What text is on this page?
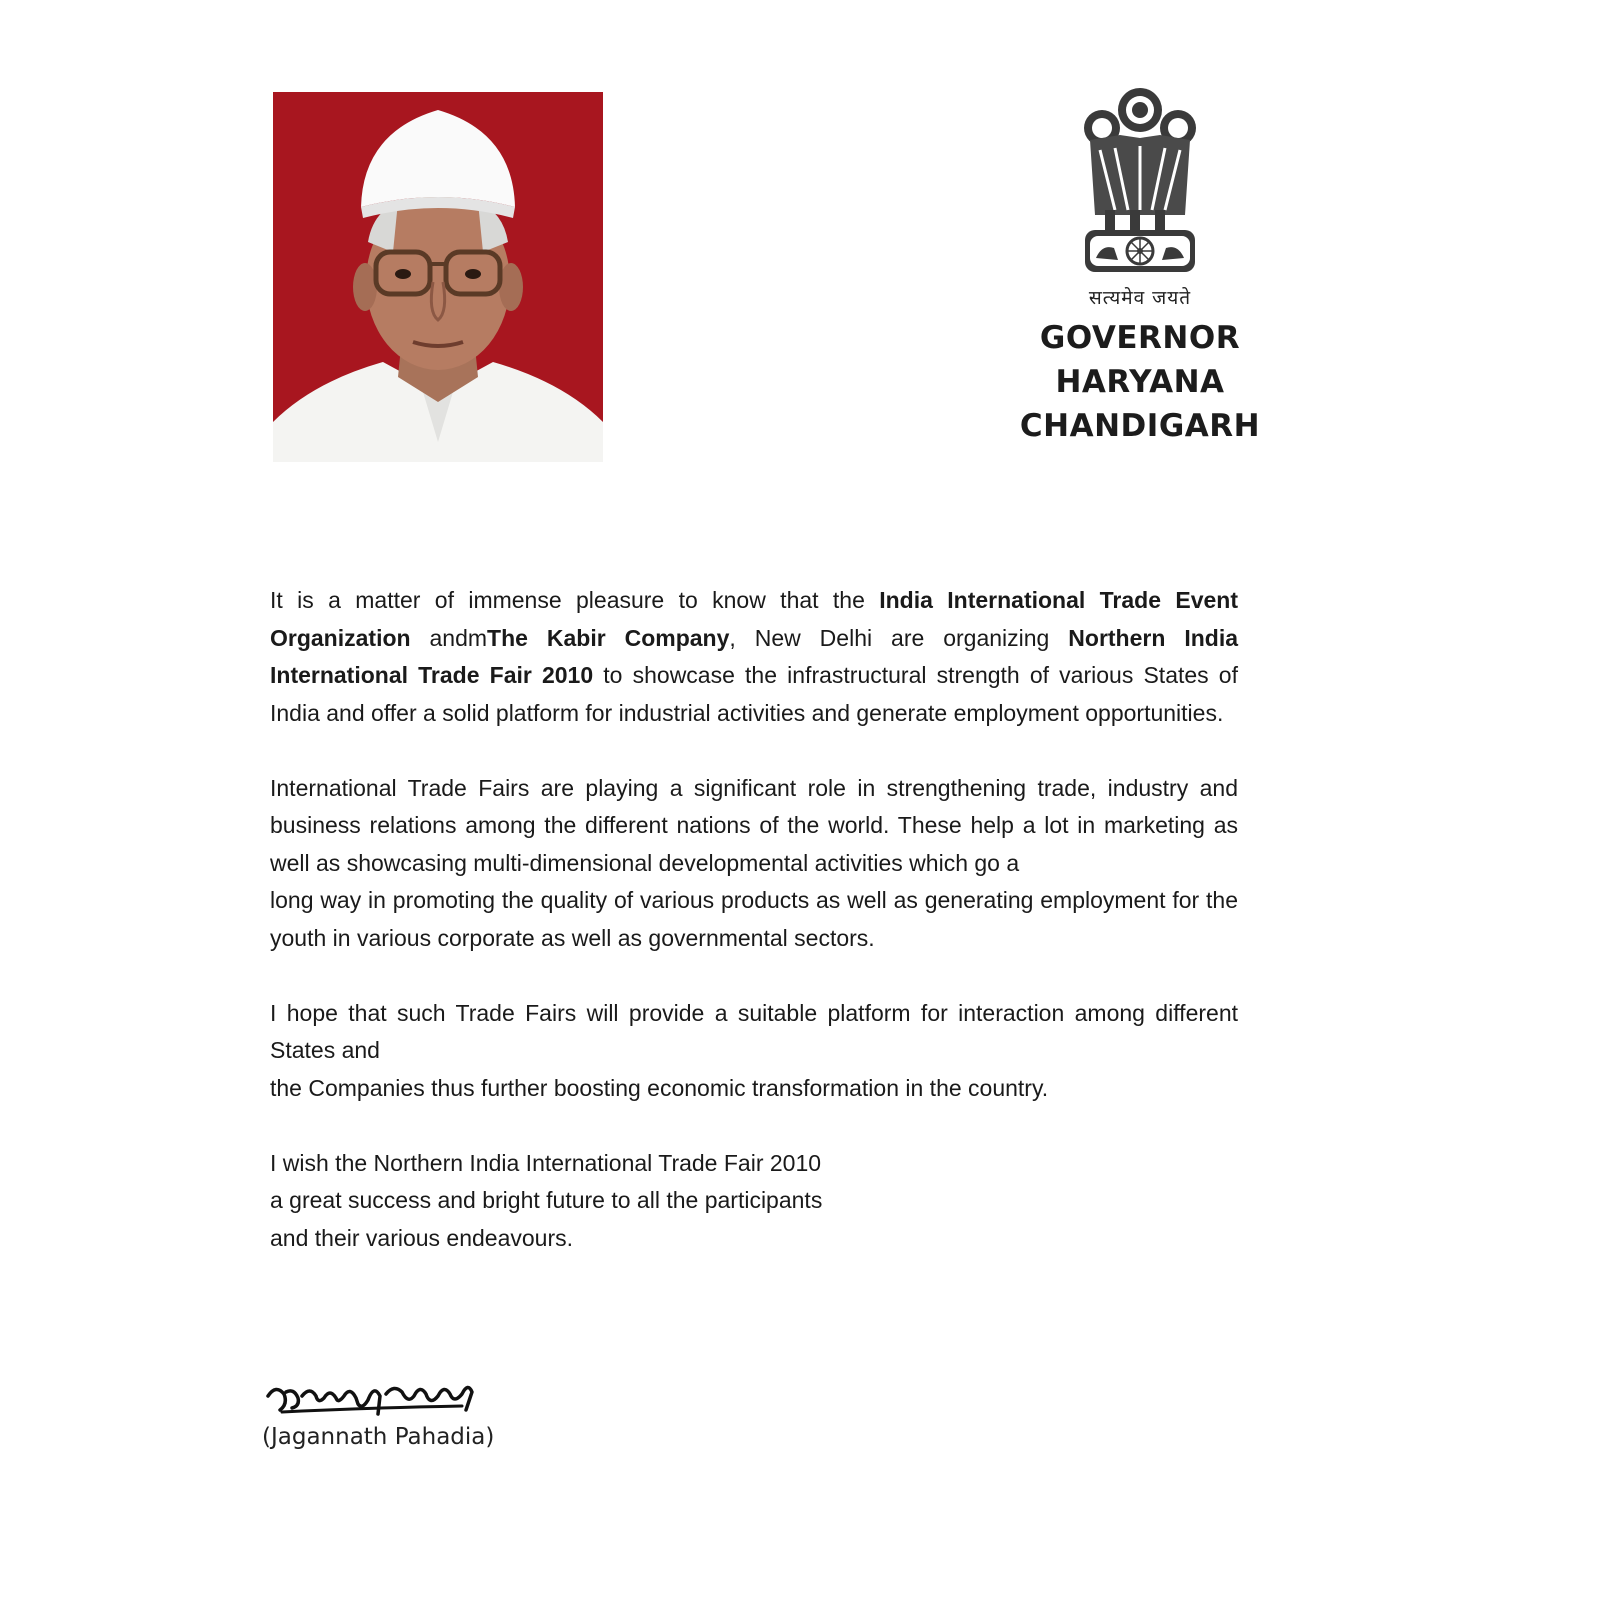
सत्यमेव जयते
GOVERNOR
HARYANA
CHANDIGARH

It is a matter of immense pleasure to know that the India International Trade Event Organization andmThe Kabir Company, New Delhi are organizing Northern India International Trade Fair 2010 to showcase the infrastructural strength of various States of India and offer a solid platform for industrial activities and generate employment opportunities.

International Trade Fairs are playing a significant role in strengthening trade, industry and business relations among the different nations of the world. These help a lot in marketing as well as showcasing multi-dimensional developmental activities which go a
long way in promoting the quality of various products as well as generating employment for the youth in various corporate as well as governmental sectors.

I hope that such Trade Fairs will provide a suitable platform for interaction among different States and
the Companies thus further boosting economic transformation in the country.

I wish the Northern India International Trade Fair 2010
a great success and bright future to all the participants
and their various endeavours.

(Jagannath Pahadia)
